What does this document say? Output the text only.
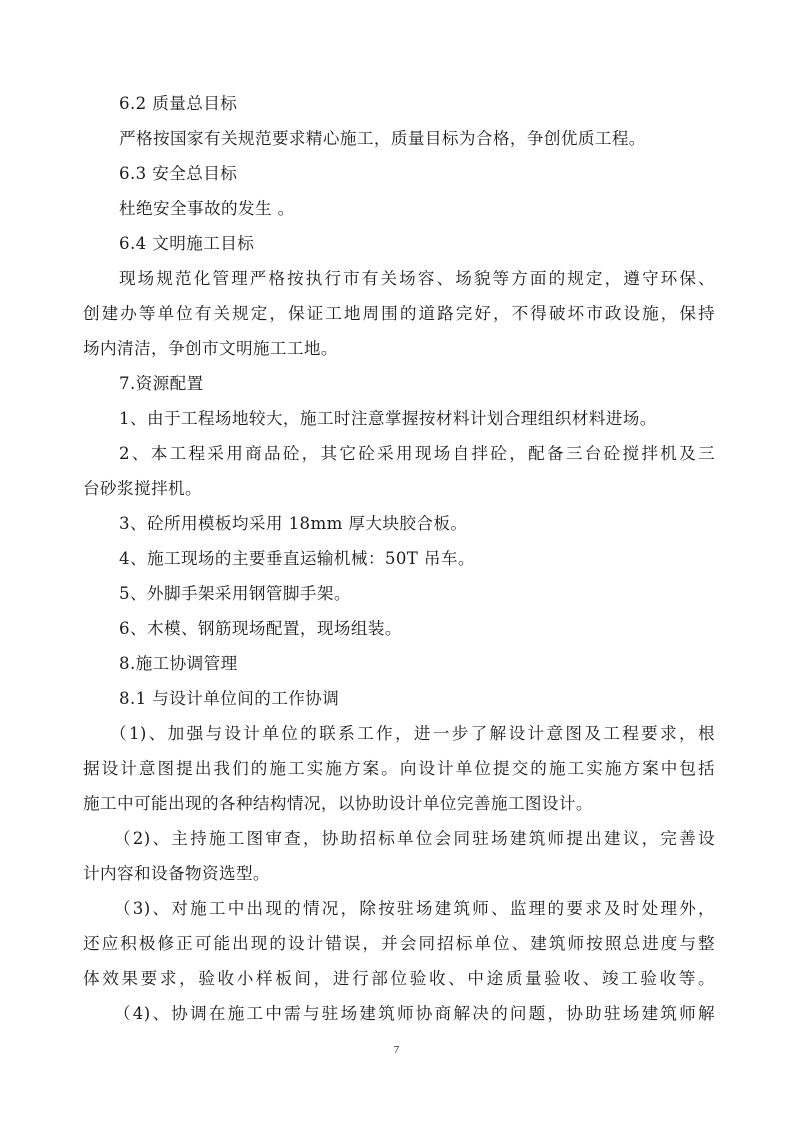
6.2 质量总目标
严格按国家有关规范要求精心施工，质量目标为合格，争创优质工程。
6.3 安全总目标
杜绝安全事故的发生 。
6.4 文明施工目标
现场规范化管理严格按执行市有关场容、场貌等方面的规定，遵守环保、
创建办等单位有关规定，保证工地周围的道路完好，不得破坏市政设施，保持
场内清洁，争创市文明施工工地。
7.资源配置
1、由于工程场地较大，施工时注意掌握按材料计划合理组织材料进场。
2、本工程采用商品砼，其它砼采用现场自拌砼，配备三台砼搅拌机及三
台砂浆搅拌机。
3、砼所用模板均采用 18mm 厚大块胶合板。
4、施工现场的主要垂直运输机械：50T 吊车。
5、外脚手架采用钢管脚手架。
6、木模、钢筋现场配置，现场组装。
8.施工协调管理
8.1 与设计单位间的工作协调
（1)、加强与设计单位的联系工作，进一步了解设计意图及工程要求，根
据设计意图提出我们的施工实施方案。向设计单位提交的施工实施方案中包括
施工中可能出现的各种结构情况，以协助设计单位完善施工图设计。
（2)、主持施工图审查，协助招标单位会同驻场建筑师提出建议，完善设
计内容和设备物资选型。
（3)、对施工中出现的情况，除按驻场建筑师、监理的要求及时处理外，
还应积极修正可能出现的设计错误，并会同招标单位、建筑师按照总进度与整
体效果要求，验收小样板间，进行部位验收、中途质量验收、竣工验收等。
（4)、协调在施工中需与驻场建筑师协商解决的问题，协助驻场建筑师解
7
